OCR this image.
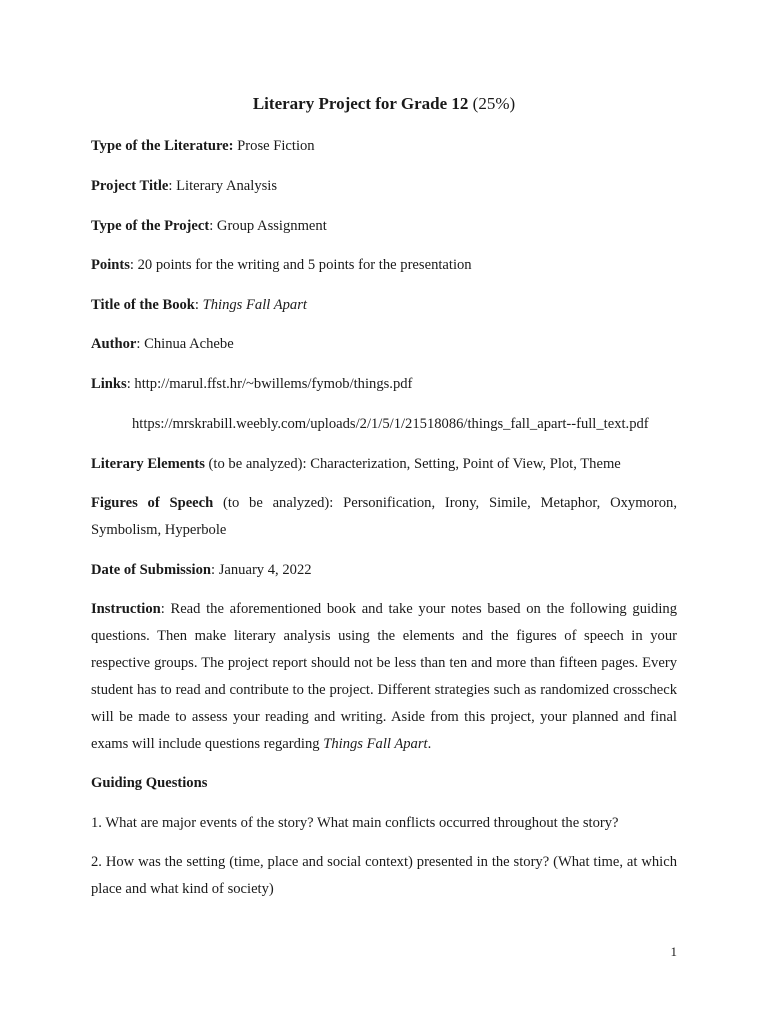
Literary Project for Grade 12 (25%)
Type of the Literature: Prose Fiction
Project Title: Literary Analysis
Type of the Project: Group Assignment
Points: 20 points for the writing and 5 points for the presentation
Title of the Book: Things Fall Apart
Author: Chinua Achebe
Links: http://marul.ffst.hr/~bwillems/fymob/things.pdf
https://mrskrabill.weebly.com/uploads/2/1/5/1/21518086/things_fall_apart--full_text.pdf
Literary Elements (to be analyzed): Characterization, Setting, Point of View, Plot, Theme
Figures of Speech (to be analyzed): Personification, Irony, Simile, Metaphor, Oxymoron, Symbolism, Hyperbole
Date of Submission: January 4, 2022
Instruction: Read the aforementioned book and take your notes based on the following guiding questions. Then make literary analysis using the elements and the figures of speech in your respective groups. The project report should not be less than ten and more than fifteen pages. Every student has to read and contribute to the project. Different strategies such as randomized crosscheck will be made to assess your reading and writing. Aside from this project, your planned and final exams will include questions regarding Things Fall Apart.
Guiding Questions
1. What are major events of the story? What main conflicts occurred throughout the story?
2. How was the setting (time, place and social context) presented in the story? (What time, at which place and what kind of society)
1
